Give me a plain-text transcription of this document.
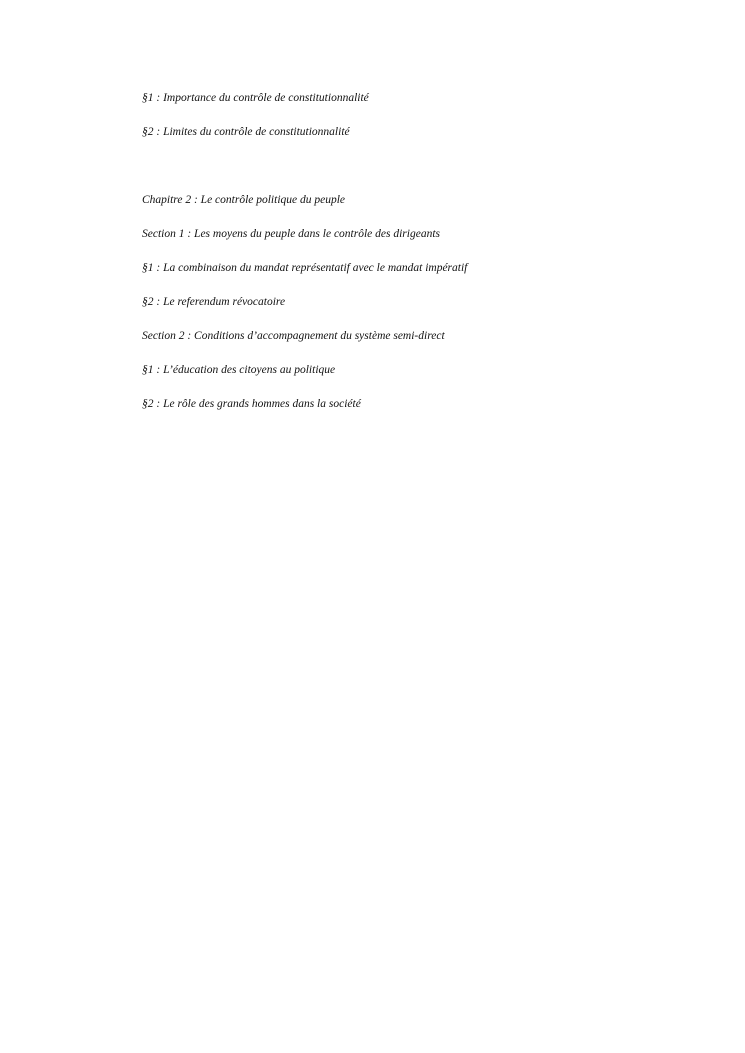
§1 : Importance du contrôle de constitutionnalité

§2 : Limites du contrôle de constitutionnalité

Chapitre 2 : Le contrôle politique du peuple

Section 1 : Les moyens du peuple dans le contrôle des dirigeants

§1 : La combinaison du mandat représentatif avec le mandat impératif

§2 : Le referendum révocatoire

Section 2 : Conditions d’accompagnement du système semi-direct

§1 : L’éducation des citoyens au politique

§2 : Le rôle des grands hommes dans la société
